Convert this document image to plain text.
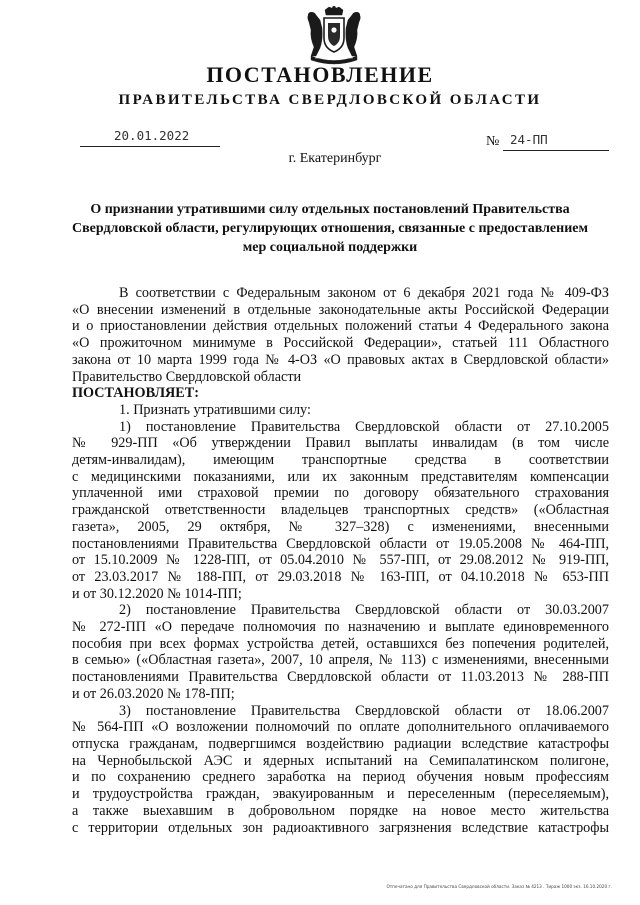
ПОСТАНОВЛЕНИЕ
ПРАВИТЕЛЬСТВА СВЕРДЛОВСКОЙ ОБЛАСТИ
20.01.2022	№ 24-ПП
г. Екатеринбург
О признании утратившими силу отдельных постановлений Правительства Свердловской области, регулирующих отношения, связанные с предоставлением мер социальной поддержки

В соответствии с Федеральным законом от 6 декабря 2021 года № 409-ФЗ

«О внесении изменений в отдельные законодательные акты Российской Федерации

и о приостановлении действия отдельных положений статьи 4 Федерального закона

«О прожиточном минимуме в Российской Федерации», статьей 111 Областного

закона от 10 марта 1999 года № 4-ОЗ «О правовых актах в Свердловской области»

Правительство Свердловской области

ПОСТАНОВЛЯЕТ:

1. Признать утратившими силу:

1) постановление Правительства Свердловской области от 27.10.2005

№ 929-ПП «Об утверждении Правил выплаты инвалидам (в том числе

детям-инвалидам), имеющим транспортные средства в соответствии

с медицинскими показаниями, или их законным представителям компенсации

уплаченной ими страховой премии по договору обязательного страхования

гражданской ответственности владельцев транспортных средств» («Областная

газета», 2005, 29 октября, № 327–328) с изменениями, внесенными

постановлениями Правительства Свердловской области от 19.05.2008 № 464-ПП,

от 15.10.2009 № 1228-ПП, от 05.04.2010 № 557-ПП, от 29.08.2012 № 919-ПП,

от 23.03.2017 № 188-ПП, от 29.03.2018 № 163-ПП, от 04.10.2018 № 653-ПП

и от 30.12.2020 № 1014-ПП;

2) постановление Правительства Свердловской области от 30.03.2007

№ 272-ПП «О передаче полномочия по назначению и выплате единовременного

пособия при всех формах устройства детей, оставшихся без попечения родителей,

в семью» («Областная газета», 2007, 10 апреля, № 113) с изменениями, внесенными

постановлениями Правительства Свердловской области от 11.03.2013 № 288-ПП

и от 26.03.2020 № 178-ПП;

3) постановление Правительства Свердловской области от 18.06.2007

№ 564-ПП «О возложении полномочий по оплате дополнительного оплачиваемого

отпуска гражданам, подвергшимся воздействию радиации вследствие катастрофы

на Чернобыльской АЭС и ядерных испытаний на Семипалатинском полигоне,

и по сохранению среднего заработка на период обучения новым профессиям

и трудоустройства граждан, эвакуированным и переселенным (переселяемым),

а также выехавшим в добровольном порядке на новое место жительства

с территории отдельных зон радиоактивного загрязнения вследствие катастрофы

Отпечатано для Правительства Свердловской области. Заказ № 4213 . Тираж 1000 экз. 16.10.2020 г.
